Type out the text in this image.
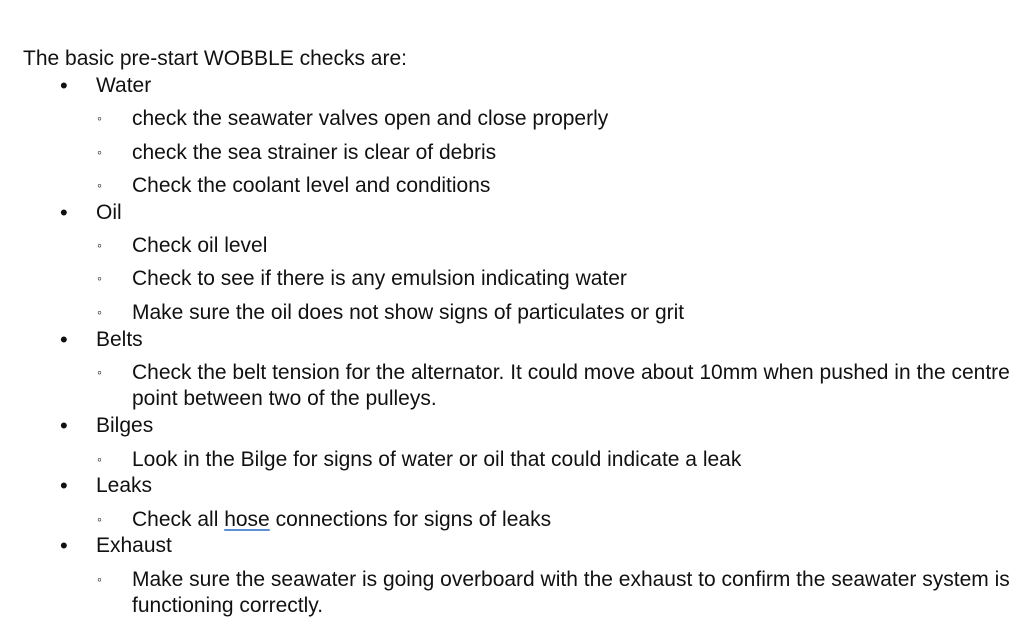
The basic pre-start WOBBLE checks are:
• Water
◦ check the seawater valves open and close properly
◦ check the sea strainer is clear of debris
◦ Check the coolant level and conditions
• Oil
◦ Check oil level
◦ Check to see if there is any emulsion indicating water
◦ Make sure the oil does not show signs of particulates or grit
• Belts
◦ Check the belt tension for the alternator. It could move about 10mm when pushed in the centre point between two of the pulleys.
• Bilges
◦ Look in the Bilge for signs of water or oil that could indicate a leak
• Leaks
◦ Check all hose connections for signs of leaks
• Exhaust
◦ Make sure the seawater is going overboard with the exhaust to confirm the seawater system is functioning correctly.
